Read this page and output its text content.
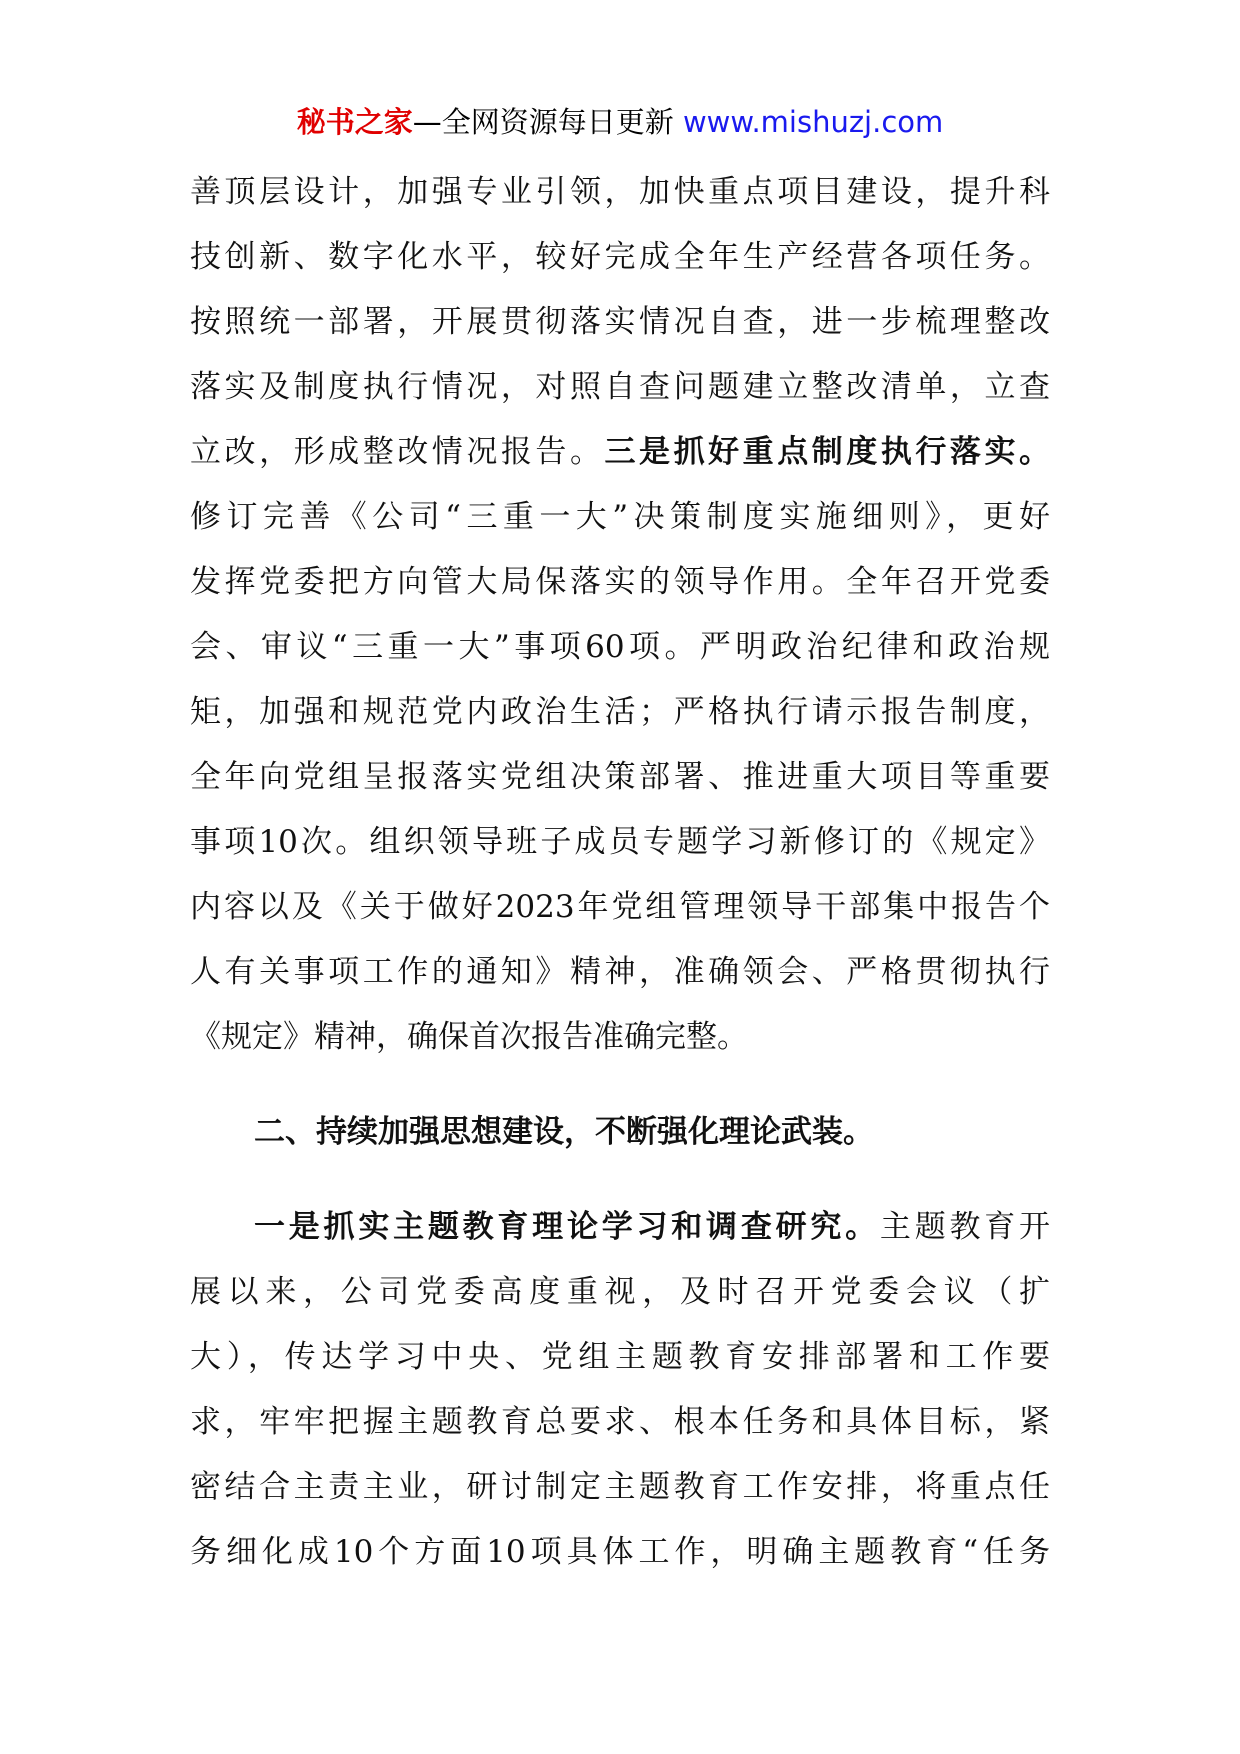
秘书之家—全网资源每日更新 www.mishuzj.com
善顶层设计，加强专业引领，加快重点项目建设，提升科
技创新、数字化水平，较好完成全年生产经营各项任务。
按照统一部署，开展贯彻落实情况自查，进一步梳理整改
落实及制度执行情况，对照自查问题建立整改清单，立查
立改，形成整改情况报告。三是抓好重点制度执行落实。
修订完善《公司“三重一大”决策制度实施细则》，更好
发挥党委把方向管大局保落实的领导作用。全年召开党委
会、审议“三重一大”事项60项。严明政治纪律和政治规
矩，加强和规范党内政治生活；严格执行请示报告制度，
全年向党组呈报落实党组决策部署、推进重大项目等重要
事项10次。组织领导班子成员专题学习新修订的《规定》
内容以及《关于做好2023年党组管理领导干部集中报告个
人有关事项工作的通知》精神，准确领会、严格贯彻执行
《规定》精神，确保首次报告准确完整。
二、持续加强思想建设，不断强化理论武装。
一是抓实主题教育理论学习和调查研究。主题教育开
展以来，公司党委高度重视，及时召开党委会议（扩
大），传达学习中央、党组主题教育安排部署和工作要
求，牢牢把握主题教育总要求、根本任务和具体目标，紧
密结合主责主业，研讨制定主题教育工作安排，将重点任
务细化成10个方面10项具体工作，明确主题教育“任务
